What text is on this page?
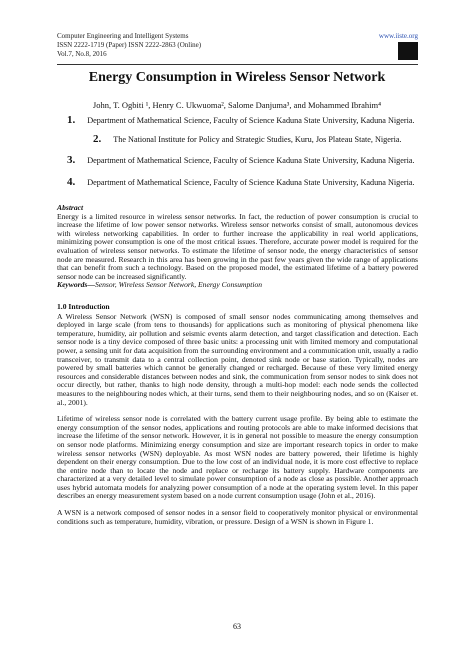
Computer Engineering and Intelligent Systems
ISSN 2222-1719 (Paper) ISSN 2222-2863 (Online)
Vol.7, No.8, 2016
www.iiste.org
Energy Consumption in Wireless Sensor Network
John, T. Ogbiti ¹, Henry C. Ukwuoma², Salome Danjuma³, and Mohammed Ibrahim⁴
1. Department of Mathematical Science, Faculty of Science Kaduna State University, Kaduna Nigeria.
2. The National Institute for Policy and Strategic Studies, Kuru, Jos Plateau State, Nigeria.
3. Department of Mathematical Science, Faculty of Science Kaduna State University, Kaduna Nigeria.
4. Department of Mathematical Science, Faculty of Science Kaduna State University, Kaduna Nigeria.
Abstract
Energy is a limited resource in wireless sensor networks. In fact, the reduction of power consumption is crucial to increase the lifetime of low power sensor networks. Wireless sensor networks consist of small, autonomous devices with wireless networking capabilities. In order to further increase the applicability in real world applications, minimizing power consumption is one of the most critical issues. Therefore, accurate power model is required for the evaluation of wireless sensor networks. To estimate the lifetime of sensor node, the energy characteristics of sensor node are measured. Research in this area has been growing in the past few years given the wide range of applications that can benefit from such a technology. Based on the proposed model, the estimated lifetime of a battery powered sensor node can be increased significantly.
Keywords—Sensor, Wireless Sensor Network, Energy Consumption
1.0 Introduction
A Wireless Sensor Network (WSN) is composed of small sensor nodes communicating among themselves and deployed in large scale (from tens to thousands) for applications such as monitoring of physical phenomena like temperature, humidity, air pollution and seismic events alarm detection, and target classification and detection. Each sensor node is a tiny device composed of three basic units: a processing unit with limited memory and computational power, a sensing unit for data acquisition from the surrounding environment and a communication unit, usually a radio transceiver, to transmit data to a central collection point, denoted sink node or base station. Typically, nodes are powered by small batteries which cannot be generally changed or recharged. Because of these very limited energy resources and considerable distances between nodes and sink, the communication from sensor nodes to sink does not occur directly, but rather, thanks to high node density, through a multi-hop model: each node sends the collected measures to the neighbouring nodes which, at their turns, send them to their neighbouring nodes, and so on (Kaiser et. al., 2001).
Lifetime of wireless sensor node is correlated with the battery current usage profile. By being able to estimate the energy consumption of the sensor nodes, applications and routing protocols are able to make informed decisions that increase the lifetime of the sensor network. However, it is in general not possible to measure the energy consumption on sensor node platforms. Minimizing energy consumption and size are important research topics in order to make wireless sensor networks (WSN) deployable. As most WSN nodes are battery powered, their lifetime is highly dependent on their energy consumption. Due to the low cost of an individual node, it is more cost effective to replace the entire node than to locate the node and replace or recharge its battery supply. Hardware components are characterized at a very detailed level to simulate power consumption of a node as close as possible. Another approach uses hybrid automata models for analyzing power consumption of a node at the operating system level. In this paper describes an energy measurement system based on a node current consumption usage (John et al., 2016).
A WSN is a network composed of sensor nodes in a sensor field to cooperatively monitor physical or environmental conditions such as temperature, humidity, vibration, or pressure. Design of a WSN is shown in Figure 1.
63
